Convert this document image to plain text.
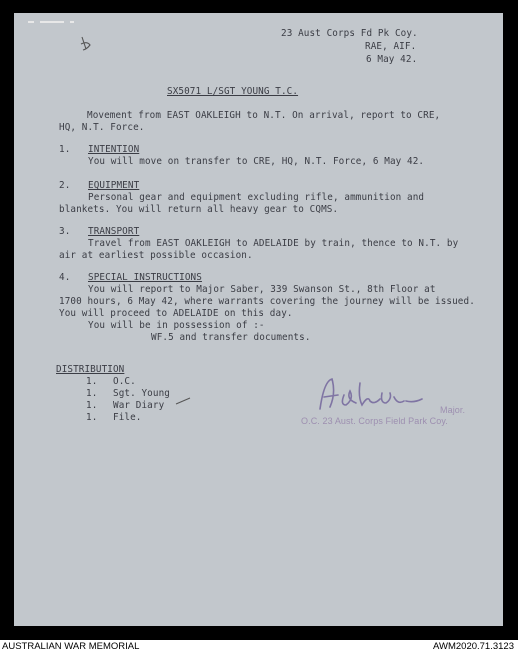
23 Aust Corps Fd Pk Coy.
RAE, AIF.
6 May 42.
SX5071 L/SGT YOUNG T.C.
Movement from EAST OAKLEIGH to N.T. On arrival, report to CRE,
HQ, N.T. Force.
1. INTENTION
You will move on transfer to CRE, HQ, N.T. Force, 6 May 42.
2. EQUIPMENT
Personal gear and equipment excluding rifle, ammunition and
blankets. You will return all heavy gear to CQMS.
3. TRANSPORT
Travel from EAST OAKLEIGH to ADELAIDE by train, thence to N.T. by
air at earliest possible occasion.
4. SPECIAL INSTRUCTIONS
You will report to Major Saber, 339 Swanson St., 8th Floor at
1700 hours, 6 May 42, where warrants covering the journey will be issued.
You will proceed to ADELAIDE on this day.
You will be in possession of :-
WF.5 and transfer documents.
DISTRIBUTION
1. O.C.
1. Sgt. Young
1. War Diary
1. File.
Major.
O.C. 23 Aust. Corps Field Park Coy.
AUSTRALIAN WAR MEMORIAL	AWM2020.71.3123
